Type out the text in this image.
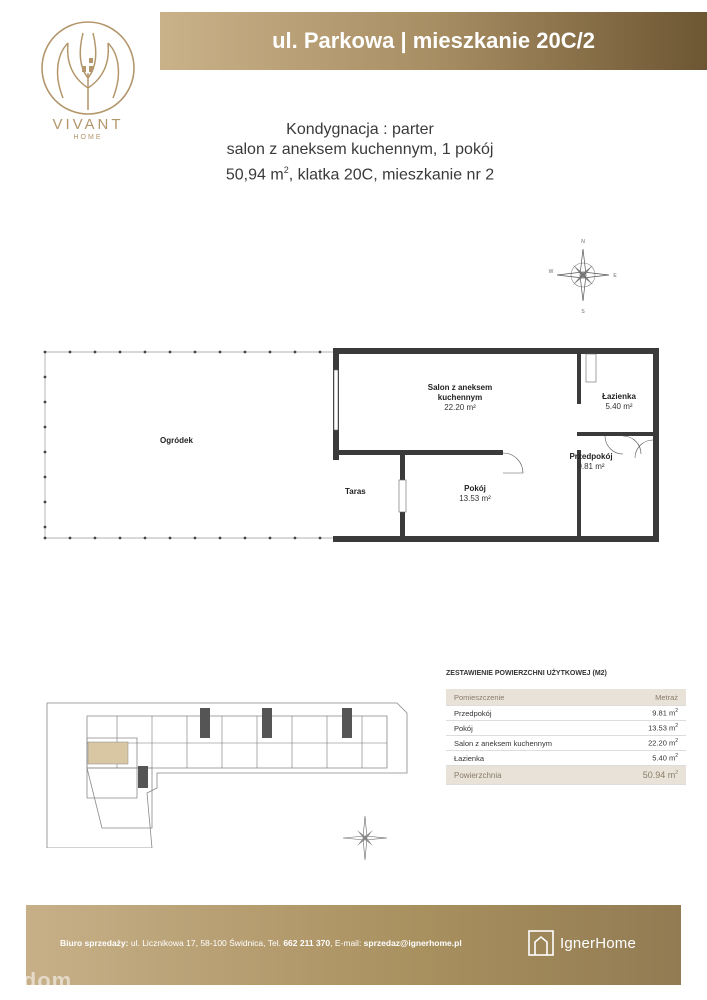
VIVANT
HOME
ul. Parkowa | mieszkanie 20C/2
Kondygnacja : parter
salon z aneksem kuchennym, 1 pokój
50,94 $m^2$, klatka 20C, mieszkanie nr 2
N
S
E
W
Ogródek
Taras
Salon z aneksem
kuchennym
22.20 m²
Pokój
13.53 m²
Przedpokój
9.81 m²
Łazienka
5.40 m²
ZESTAWIENIE POWIERZCHNI UŻYTKOWEJ (M2)
Pomieszczenie	Metraż
Przedpokój	9.81 $m^2$
Pokój	13.53 $m^2$
Salon z aneksem kuchennym	22.20 $m^2$
Łazienka	5.40 $m^2$
Powierzchnia	50.94 $m^2$
Biuro sprzedaży: ul. Licznikowa 17, 58-100 Świdnica, Tel. 662 211 370, E-mail: sprzedaz@ignerhome.pl	IgnerHome
todom
